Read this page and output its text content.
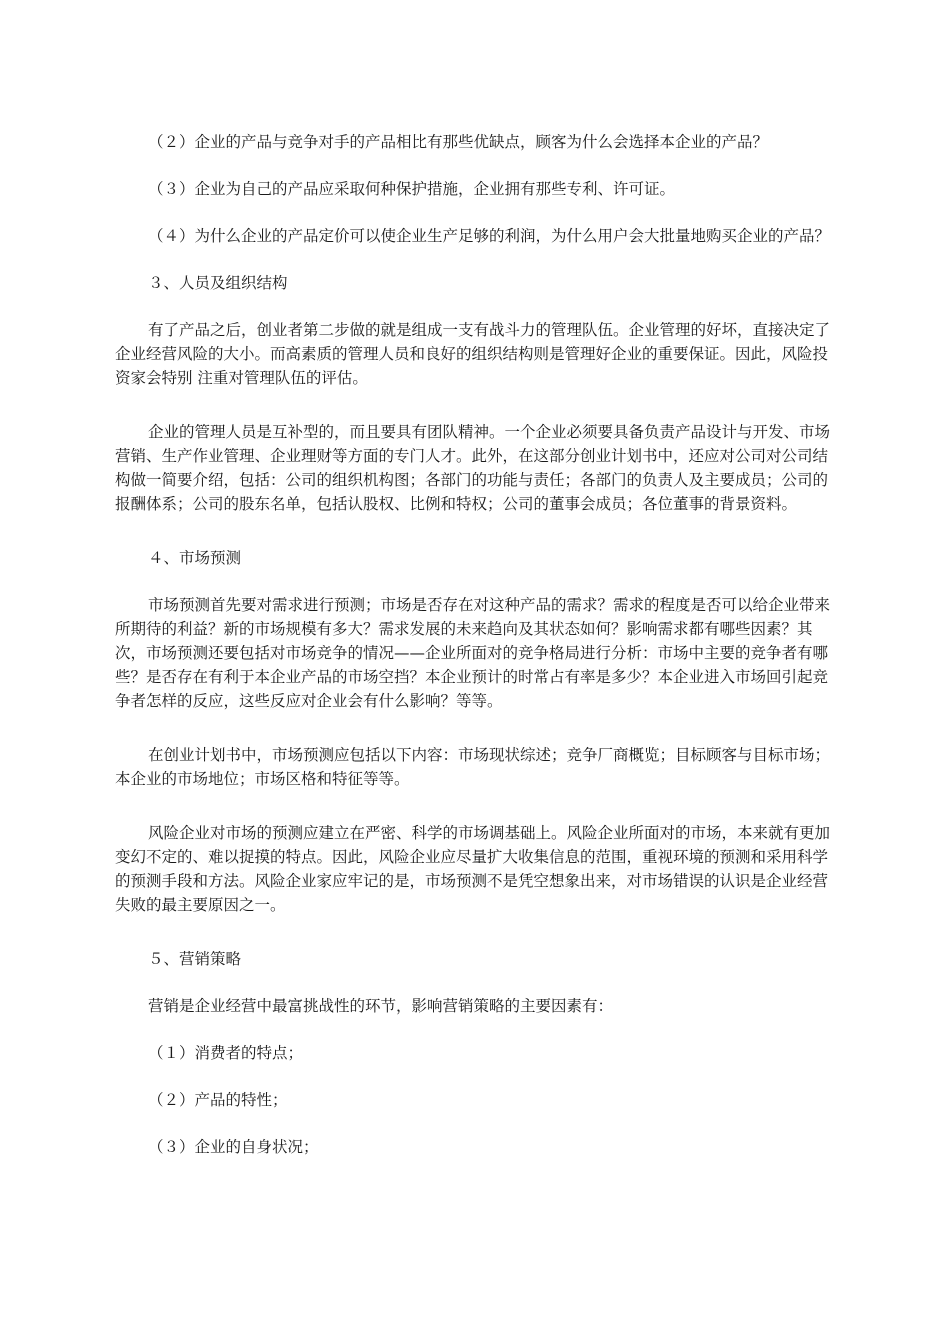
（２）企业的产品与竞争对手的产品相比有那些优缺点，顾客为什么会选择本企业的产品？

（３）企业为自己的产品应采取何种保护措施，企业拥有那些专利、许可证。

（４）为什么企业的产品定价可以使企业生产足够的利润，为什么用户会大批量地购买企业的产品？

３、人员及组织结构

有了产品之后，创业者第二步做的就是组成一支有战斗力的管理队伍。企业管理的好坏，直接决定了企业经营风险的大小。而高素质的管理人员和良好的组织结构则是管理好企业的重要保证。因此，风险投资家会特别 注重对管理队伍的评估。

企业的管理人员是互补型的，而且要具有团队精神。一个企业必须要具备负责产品设计与开发、市场营销、生产作业管理、企业理财等方面的专门人才。此外，在这部分创业计划书中，还应对公司对公司结构做一简要介绍，包括：公司的组织机构图；各部门的功能与责任；各部门的负责人及主要成员；公司的报酬体系；公司的股东名单，包括认股权、比例和特权；公司的董事会成员；各位董事的背景资料。

４、市场预测

市场预测首先要对需求进行预测；市场是否存在对这种产品的需求？需求的程度是否可以给企业带来所期待的利益？新的市场规模有多大？需求发展的未来趋向及其状态如何？影响需求都有哪些因素？其次，市场预测还要包括对市场竞争的情况——企业所面对的竞争格局进行分析：市场中主要的竞争者有哪些？是否存在有利于本企业产品的市场空挡？本企业预计的时常占有率是多少？本企业进入市场回引起竞争者怎样的反应，这些反应对企业会有什么影响？等等。

在创业计划书中，市场预测应包括以下内容：市场现状综述；竞争厂商概览；目标顾客与目标市场；本企业的市场地位；市场区格和特征等等。

风险企业对市场的预测应建立在严密、科学的市场调基础上。风险企业所面对的市场，本来就有更加变幻不定的、难以捉摸的特点。因此，风险企业应尽量扩大收集信息的范围，重视环境的预测和采用科学的预测手段和方法。风险企业家应牢记的是，市场预测不是凭空想象出来，对市场错误的认识是企业经营失败的最主要原因之一。

５、营销策略

营销是企业经营中最富挑战性的环节，影响营销策略的主要因素有：

（１）消费者的特点；

（２）产品的特性；

（３）企业的自身状况；
